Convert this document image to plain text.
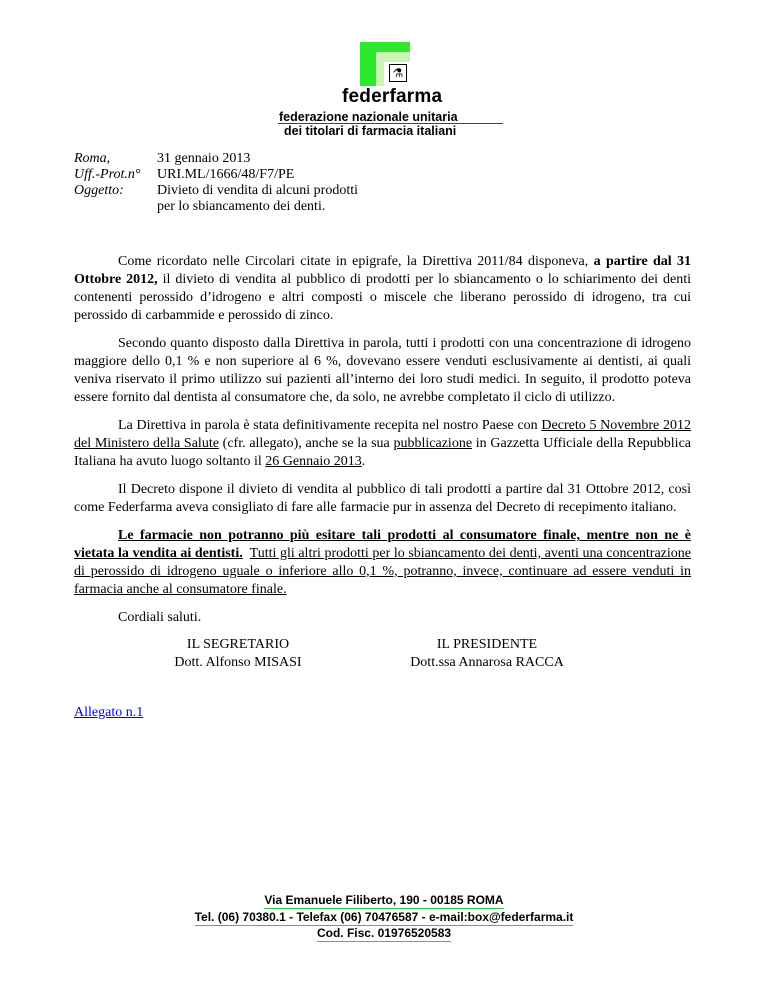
⚗
federfarma
federazione nazionale unitaria
dei titolari di farmacia italiani
Roma,	31 gennaio 2013
Uff.-Prot.n°	URI.ML/1666/48/F7/PE
Oggetto:	Divieto di vendita di alcuni prodotti
per lo sbiancamento dei denti.

Come ricordato nelle Circolari citate in epigrafe, la Direttiva 2011/84 disponeva, a partire dal 31 Ottobre 2012, il divieto di vendita al pubblico di prodotti per lo sbiancamento o lo schiarimento dei denti contenenti perossido d’idrogeno e altri composti o miscele che liberano perossido di idrogeno, tra cui perossido di carbammide e perossido di zinco.

Secondo quanto disposto dalla Direttiva in parola, tutti i prodotti con una concentrazione di idrogeno maggiore dello 0,1 % e non superiore al 6 %, dovevano essere venduti esclusivamente ai dentisti, ai quali veniva riservato il primo utilizzo sui pazienti all’interno dei loro studi medici. In seguito, il prodotto poteva essere fornito dal dentista al consumatore che, da solo, ne avrebbe completato il ciclo di utilizzo.

La Direttiva in parola è stata definitivamente recepita nel nostro Paese con Decreto 5 Novembre 2012 del Ministero della Salute (cfr. allegato), anche se la sua pubblicazione in Gazzetta Ufficiale della Repubblica Italiana ha avuto luogo soltanto il 26 Gennaio 2013.

Il Decreto dispone il divieto di vendita al pubblico di tali prodotti a partire dal 31 Ottobre 2012, così come Federfarma aveva consigliato di fare alle farmacie pur in assenza del Decreto di recepimento italiano.

Le farmacie non potranno più esitare tali prodotti al consumatore finale, mentre non ne è vietata la vendita ai dentisti. Tutti gli altri prodotti per lo sbiancamento dei denti, aventi una concentrazione di perossido di idrogeno uguale o inferiore allo 0,1 %, potranno, invece, continuare ad essere venduti in farmacia anche al consumatore finale.

Cordiali saluti.

IL SEGRETARIO
Dott. Alfonso MISASI
IL PRESIDENTE
Dott.ssa Annarosa RACCA
Allegato n.1
Via Emanuele Filiberto, 190 - 00185 ROMA
Tel. (06) 70380.1 - Telefax (06) 70476587 - e-mail:box@federfarma.it
Cod. Fisc. 01976520583
